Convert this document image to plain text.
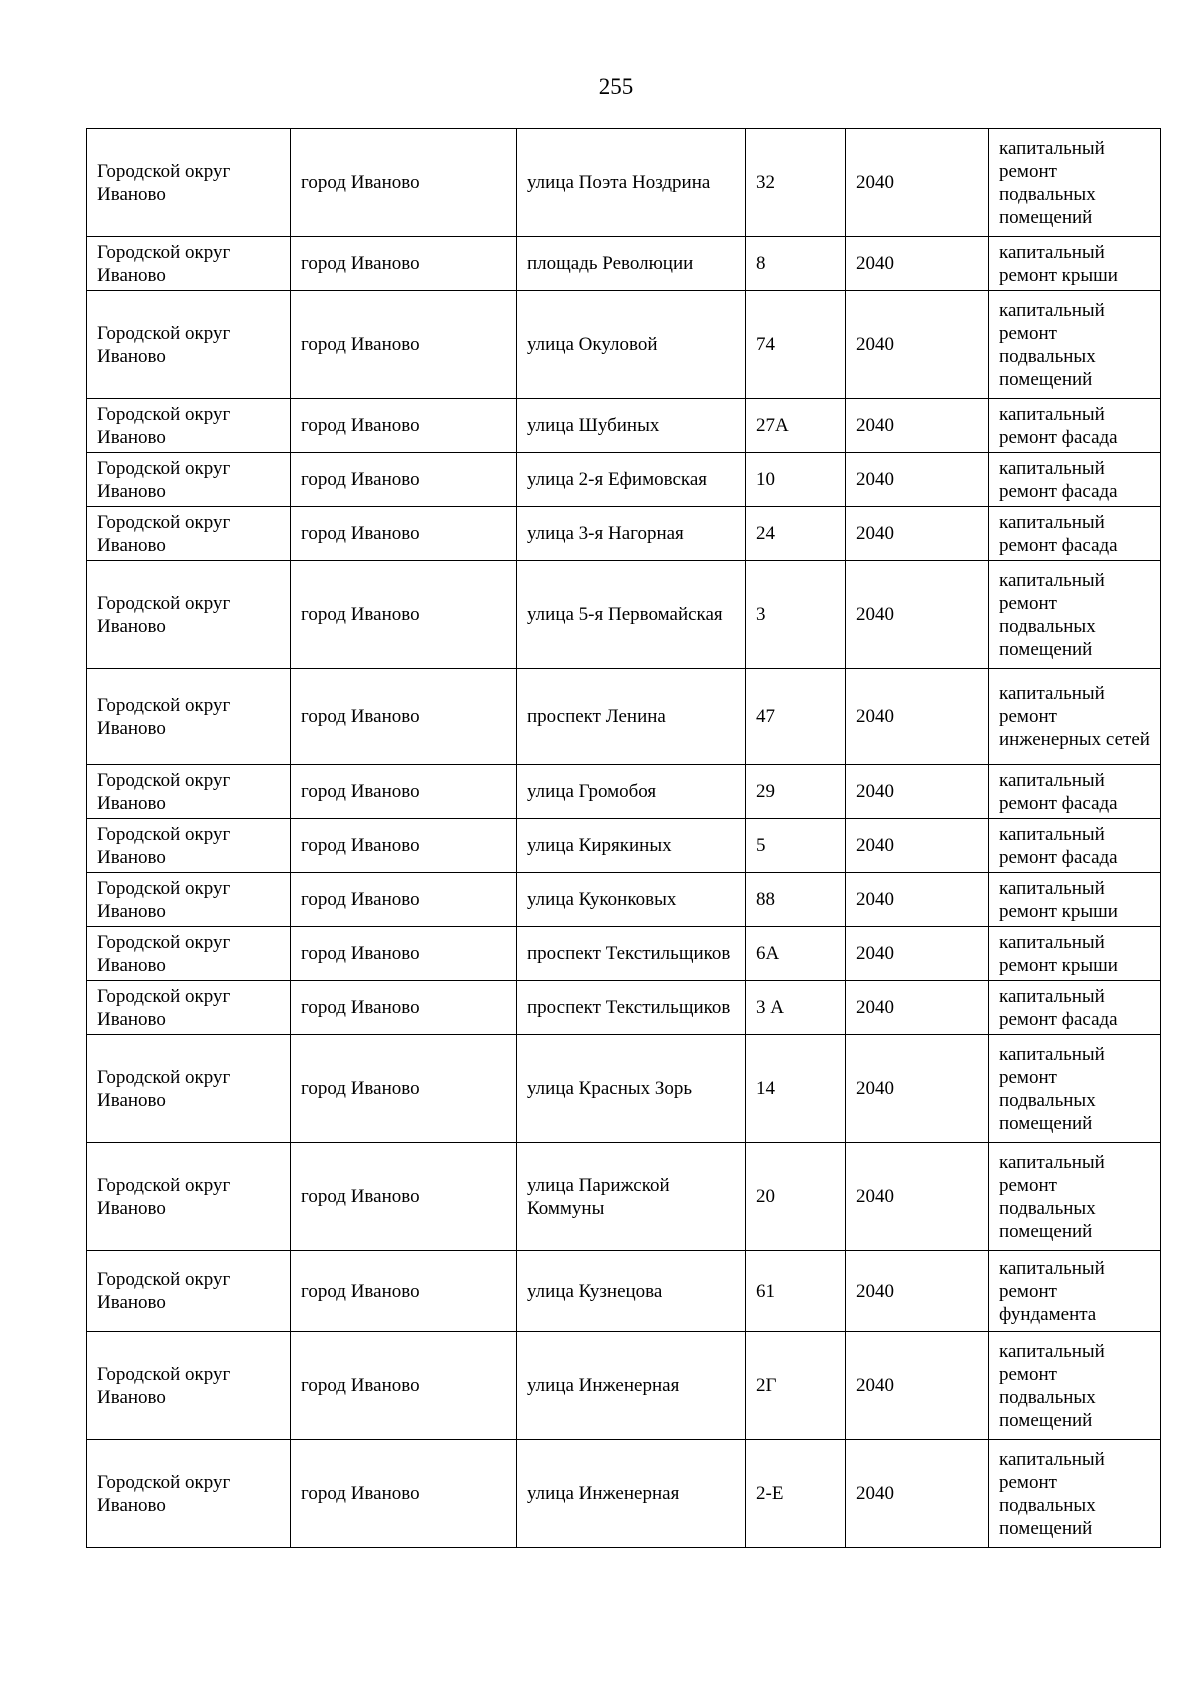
255
Городской округ Иваново	город Иваново	улица Поэта Ноздрина	32	2040	капитальный ремонт подвальных помещений
Городской округ Иваново	город Иваново	площадь Революции	8	2040	капитальный ремонт крыши
Городской округ Иваново	город Иваново	улица Окуловой	74	2040	капитальный ремонт подвальных помещений
Городской округ Иваново	город Иваново	улица Шубиных	27А	2040	капитальный ремонт фасада
Городской округ Иваново	город Иваново	улица 2-я Ефимовская	10	2040	капитальный ремонт фасада
Городской округ Иваново	город Иваново	улица 3-я Нагорная	24	2040	капитальный ремонт фасада
Городской округ Иваново	город Иваново	улица 5-я Первомайская	3	2040	капитальный ремонт подвальных помещений
Городской округ Иваново	город Иваново	проспект Ленина	47	2040	капитальный ремонт инженерных сетей
Городской округ Иваново	город Иваново	улица Громобоя	29	2040	капитальный ремонт фасада
Городской округ Иваново	город Иваново	улица Кирякиных	5	2040	капитальный ремонт фасада
Городской округ Иваново	город Иваново	улица Куконковых	88	2040	капитальный ремонт крыши
Городской округ Иваново	город Иваново	проспект Текстильщиков	6А	2040	капитальный ремонт крыши
Городской округ Иваново	город Иваново	проспект Текстильщиков	3 А	2040	капитальный ремонт фасада
Городской округ Иваново	город Иваново	улица Красных Зорь	14	2040	капитальный ремонт подвальных помещений
Городской округ Иваново	город Иваново	улица Парижской Коммуны	20	2040	капитальный ремонт подвальных помещений
Городской округ Иваново	город Иваново	улица Кузнецова	61	2040	капитальный ремонт фундамента
Городской округ Иваново	город Иваново	улица Инженерная	2Г	2040	капитальный ремонт подвальных помещений
Городской округ Иваново	город Иваново	улица Инженерная	2-Е	2040	капитальный ремонт подвальных помещений
